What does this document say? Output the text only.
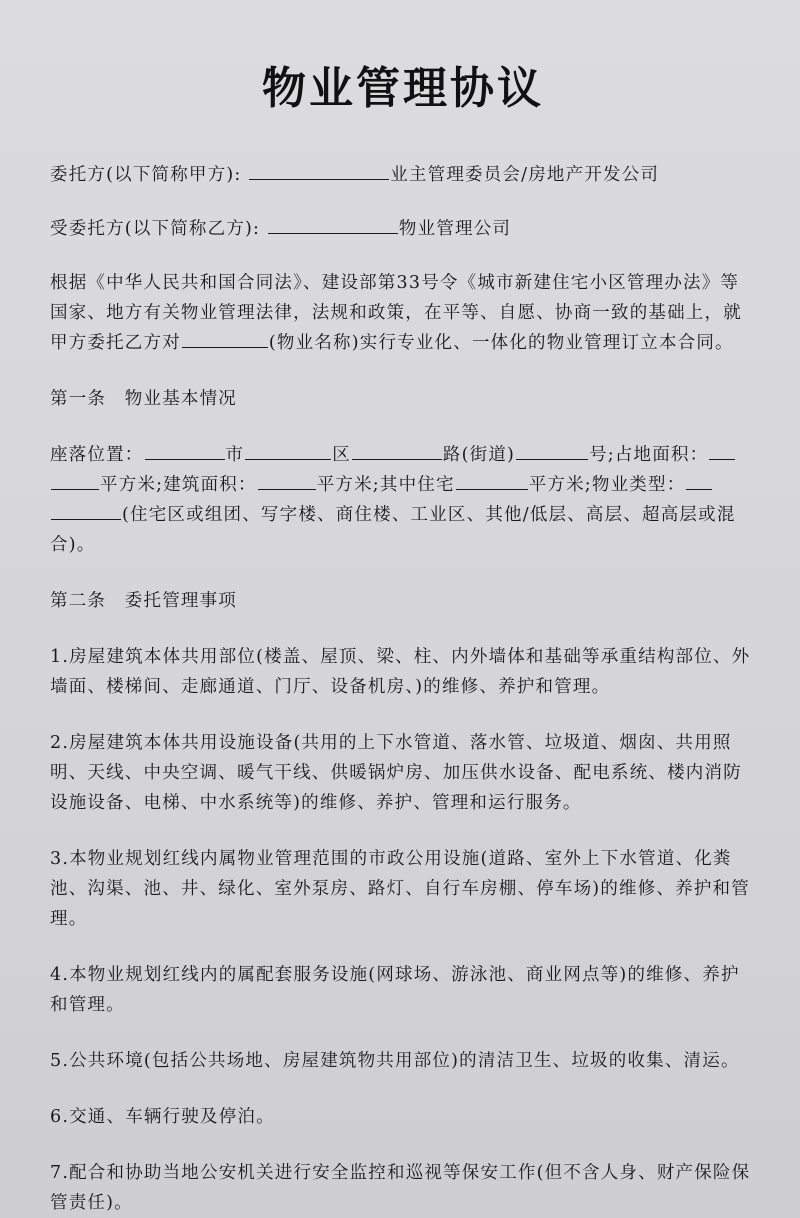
物业管理协议

委托方(以下简称甲方):	业主管理委员会/房地产开发公司

受委托方(以下简称乙方):	物业管理公司

根据《中华人民共和国合同法》、建设部第33号令《城市新建住宅小区管理办法》等国家、地方有关物业管理法律，法规和政策，在平等、自愿、协商一致的基础上，就甲方委托乙方对	(物业名称)实行专业化、一体化的物业管理订立本合同。

第一条　物业基本情况

座落位置：	市	区	路(街道)	号;占地面积：平方米;建筑面积：	平方米;其中住宅	平方米;物业类型：(住宅区或组团、写字楼、商住楼、工业区、其他/低层、高层、超高层或混合)。

第二条　委托管理事项

1.房屋建筑本体共用部位(楼盖、屋顶、梁、柱、内外墙体和基础等承重结构部位、外墙面、楼梯间、走廊通道、门厅、设备机房、)的维修、养护和管理。

2.房屋建筑本体共用设施设备(共用的上下水管道、落水管、垃圾道、烟囱、共用照明、天线、中央空调、暖气干线、供暖锅炉房、加压供水设备、配电系统、楼内消防设施设备、电梯、中水系统等)的维修、养护、管理和运行服务。

3.本物业规划红线内属物业管理范围的市政公用设施(道路、室外上下水管道、化粪池、沟渠、池、井、绿化、室外泵房、路灯、自行车房棚、停车场)的维修、养护和管理。

4.本物业规划红线内的属配套服务设施(网球场、游泳池、商业网点等)的维修、养护和管理。

5.公共环境(包括公共场地、房屋建筑物共用部位)的清洁卫生、垃圾的收集、清运。

6.交通、车辆行驶及停泊。

7.配合和协助当地公安机关进行安全监控和巡视等保安工作(但不含人身、财产保险保管责任)。
